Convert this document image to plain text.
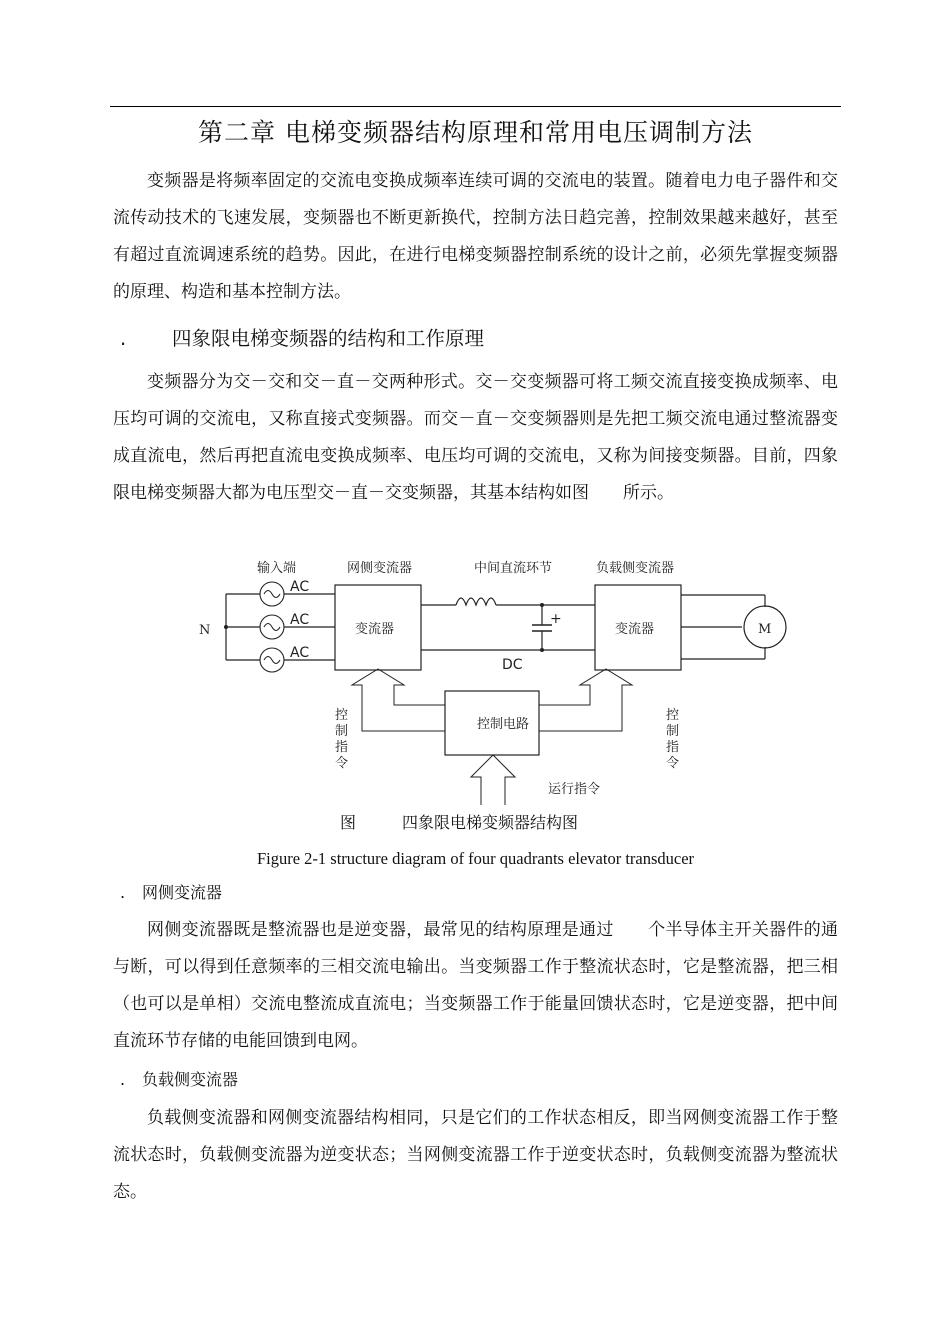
第二章 电梯变频器结构原理和常用电压调制方法

变频器是将频率固定的交流电变换成频率连续可调的交流电的装置。随着电力电子器件和交流传动技术的飞速发展，变频器也不断更新换代，控制方法日趋完善，控制效果越来越好，甚至有超过直流调速系统的趋势。因此，在进行电梯变频器控制系统的设计之前，必须先掌握变频器的原理、构造和基本控制方法。

. 四象限电梯变频器的结构和工作原理

变频器分为交－交和交－直－交两种形式。交－交变频器可将工频交流直接变换成频率、电压均可调的交流电，又称直接式变频器。而交－直－交变频器则是先把工频交流电通过整流器变成直流电，然后再把直流电变换成频率、电压均可调的交流电，又称为间接变频器。目前，四象限电梯变频器大都为电压型交－直－交变频器，其基本结构如图　　所示。

输入端	网侧变流器	中间直流环节	负载侧变流器
AC
AC
AC
N	变流器	变流器
DC
+
M
控制电路
运行指令
控
制
指
令
控
制
指
令

图	四象限电梯变频器结构图

Figure 2-1 structure diagram of four quadrants elevator transducer

. 网侧变流器

网侧变流器既是整流器也是逆变器，最常见的结构原理是通过　　个半导体主开关器件的通与断，可以得到任意频率的三相交流电输出。当变频器工作于整流状态时，它是整流器，把三相（也可以是单相）交流电整流成直流电；当变频器工作于能量回馈状态时，它是逆变器，把中间直流环节存储的电能回馈到电网。

. 负载侧变流器

负载侧变流器和网侧变流器结构相同，只是它们的工作状态相反，即当网侧变流器工作于整流状态时，负载侧变流器为逆变状态；当网侧变流器工作于逆变状态时，负载侧变流器为整流状态。
